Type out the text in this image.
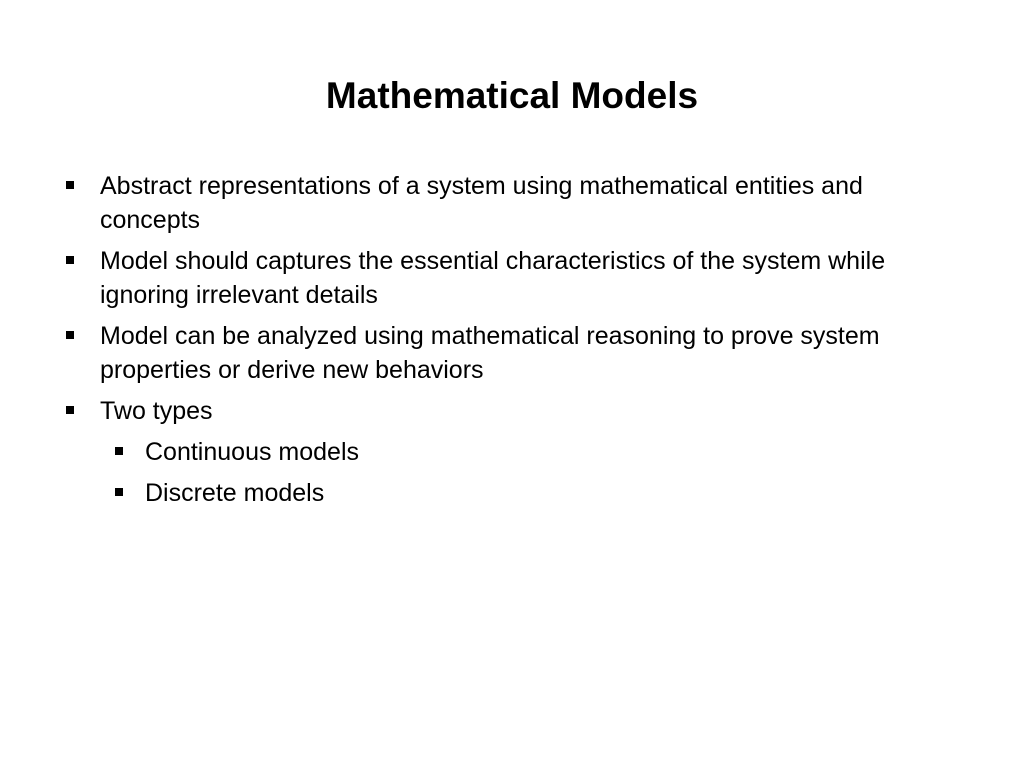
Mathematical Models
Abstract representations of a system using mathematical entities and concepts
Model should captures the essential characteristics of the system while ignoring irrelevant details
Model can be analyzed using mathematical reasoning to prove system properties or derive new behaviors
Two types
Continuous models
Discrete models
